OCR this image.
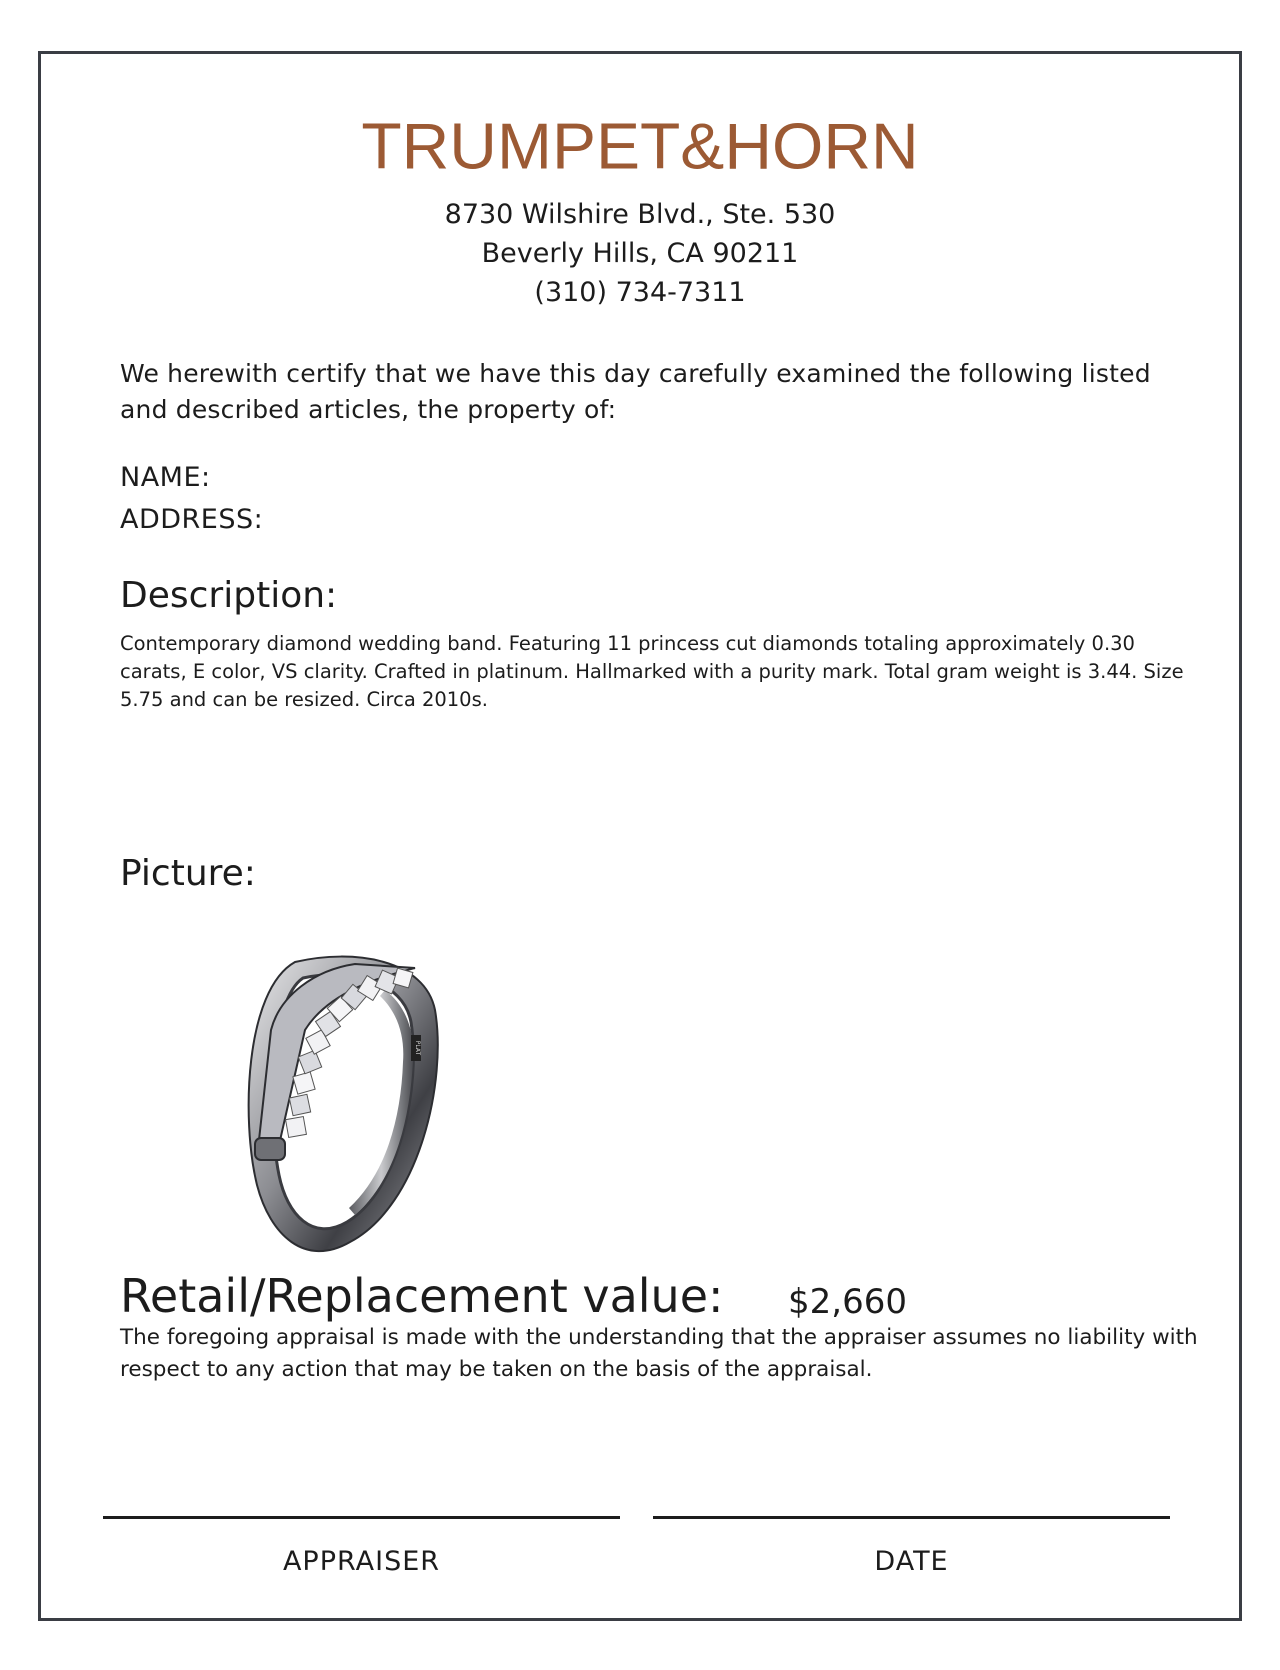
TRUMPET&HORN
8730 Wilshire Blvd., Ste. 530
Beverly Hills, CA 90211
(310) 734-7311
We herewith certify that we have this day carefully examined the following listed and described articles, the property of:
NAME:
ADDRESS:
Description:
Contemporary diamond wedding band. Featuring 11 princess cut diamonds totaling approximately 0.30 carats, E color, VS clarity. Crafted in platinum. Hallmarked with a purity mark. Total gram weight is 3.44. Size 5.75 and can be resized. Circa 2010s.
Picture:
PLAT
Retail/Replacement value: $2,660
The foregoing appraisal is made with the understanding that the appraiser assumes no liability with respect to any action that may be taken on the basis of the appraisal.
APPRAISER	DATE
